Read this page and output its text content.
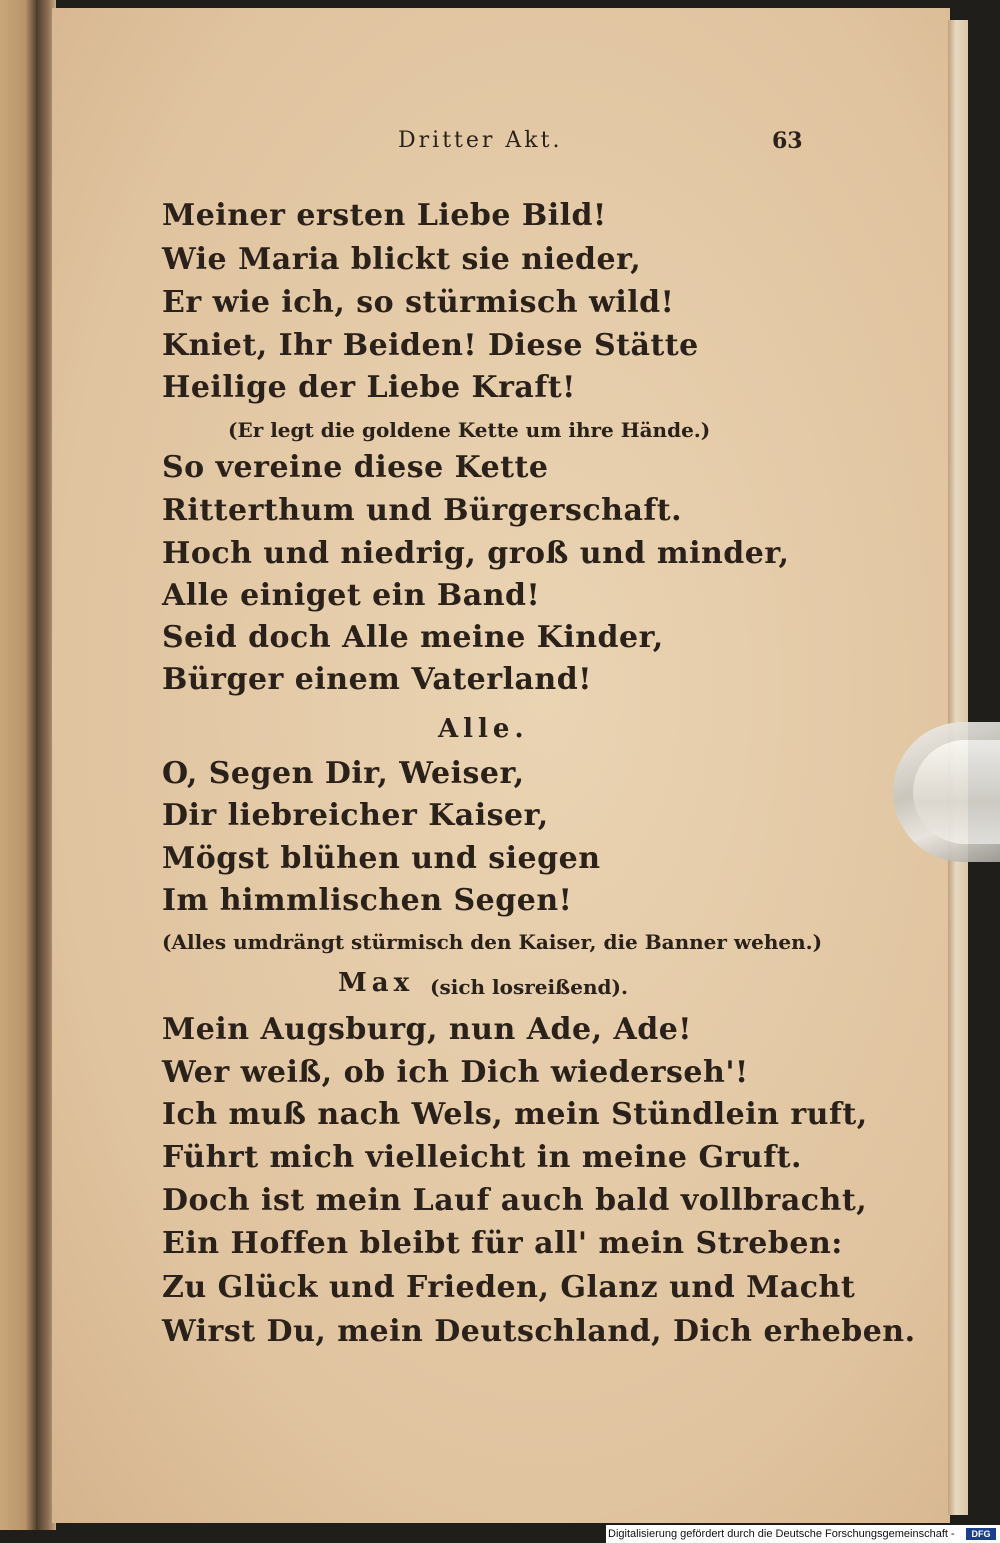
Dritter Akt.	63
Meiner ersten Liebe Bild!
Wie Maria blickt sie nieder,
Er wie ich, so stürmisch wild!
Kniet, Ihr Beiden! Diese Stätte
Heilige der Liebe Kraft!
(Er legt die goldene Kette um ihre Hände.)
So vereine diese Kette
Ritterthum und Bürgerschaft.
Hoch und niedrig, groß und minder,
Alle einiget ein Band!
Seid doch Alle meine Kinder,
Bürger einem Vaterland!
Alle.
O, Segen Dir, Weiser,
Dir liebreicher Kaiser,
Mögst blühen und siegen
Im himmlischen Segen!
(Alles umdrängt stürmisch den Kaiser, die Banner wehen.)
Max (sich losreißend).
Mein Augsburg, nun Ade, Ade!
Wer weiß, ob ich Dich wiederseh'!
Ich muß nach Wels, mein Stündlein ruft,
Führt mich vielleicht in meine Gruft.
Doch ist mein Lauf auch bald vollbracht,
Ein Hoffen bleibt für all' mein Streben:
Zu Glück und Frieden, Glanz und Macht
Wirst Du, mein Deutschland, Dich erheben.
Digitalisierung gefördert durch die Deutsche Forschungsgemeinschaft -	DFG
